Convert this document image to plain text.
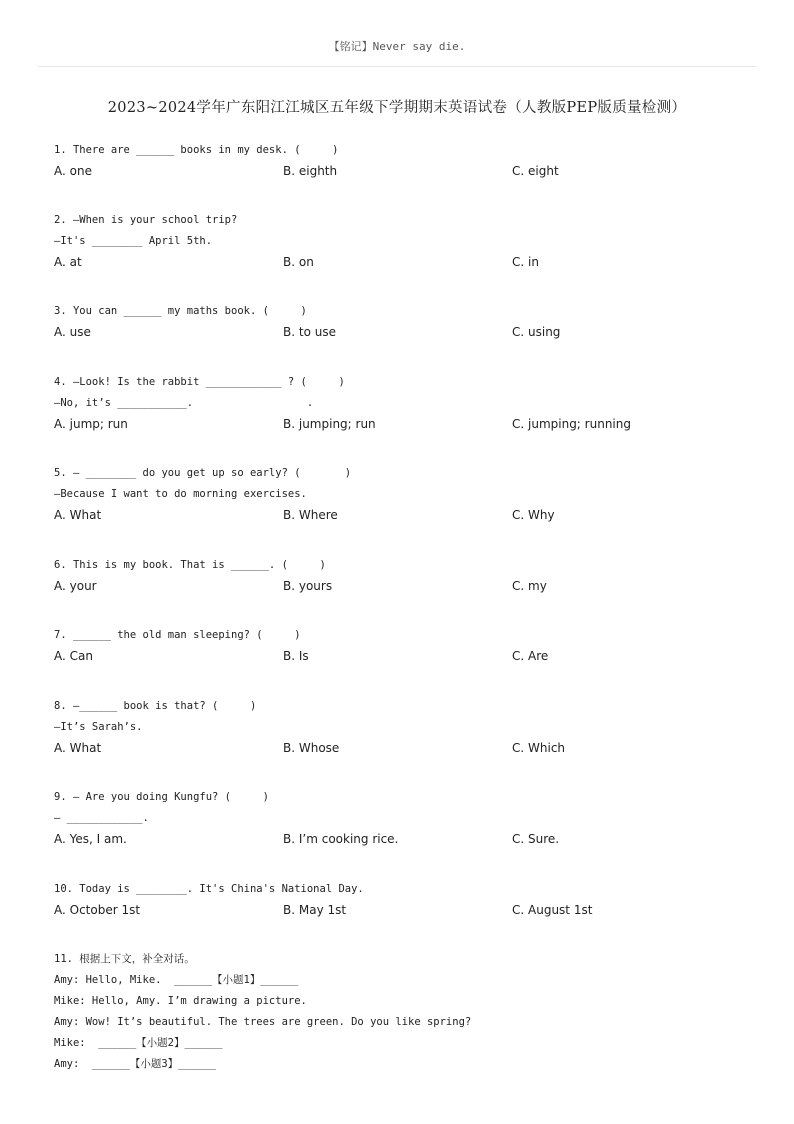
【铭记】Never say die.
2023~2024学年广东阳江江城区五年级下学期期末英语试卷（人教版PEP版质量检测）
1. There are ______ books in my desk. (     )
A. one	B. eighth	C. eight
2. —When is your school trip?
—It's ________ April 5th.
A. at	B. on	C. in
3. You can ______ my maths book. (     )
A. use	B. to use	C. using
4. —Look! Is the rabbit ____________ ? (     )
—No, it’s ___________.                  .
A. jump; run	B. jumping; run	C. jumping; running
5. — ________ do you get up so early? (       )
—Because I want to do morning exercises.
A. What	B. Where	C. Why
6. This is my book. That is ______. (     )
A. your	B. yours	C. my
7. ______ the old man sleeping? (     )
A. Can	B. Is	C. Are
8. —______ book is that? (     )
—It’s Sarah’s.
A. What	B. Whose	C. Which
9. — Are you doing Kungfu? (     )
— ____________.
A. Yes, I am.	B. I’m cooking rice.	C. Sure.
10. Today is ________. It's China's National Day.
A. October 1st	B. May 1st	C. August 1st
11. 根据上下文，补全对话。
Amy: Hello, Mike.  ______【小题1】______
Mike: Hello, Amy. I’m drawing a picture.
Amy: Wow! It’s beautiful. The trees are green. Do you like spring?
Mike:  ______【小题2】______
Amy:  ______【小题3】______
